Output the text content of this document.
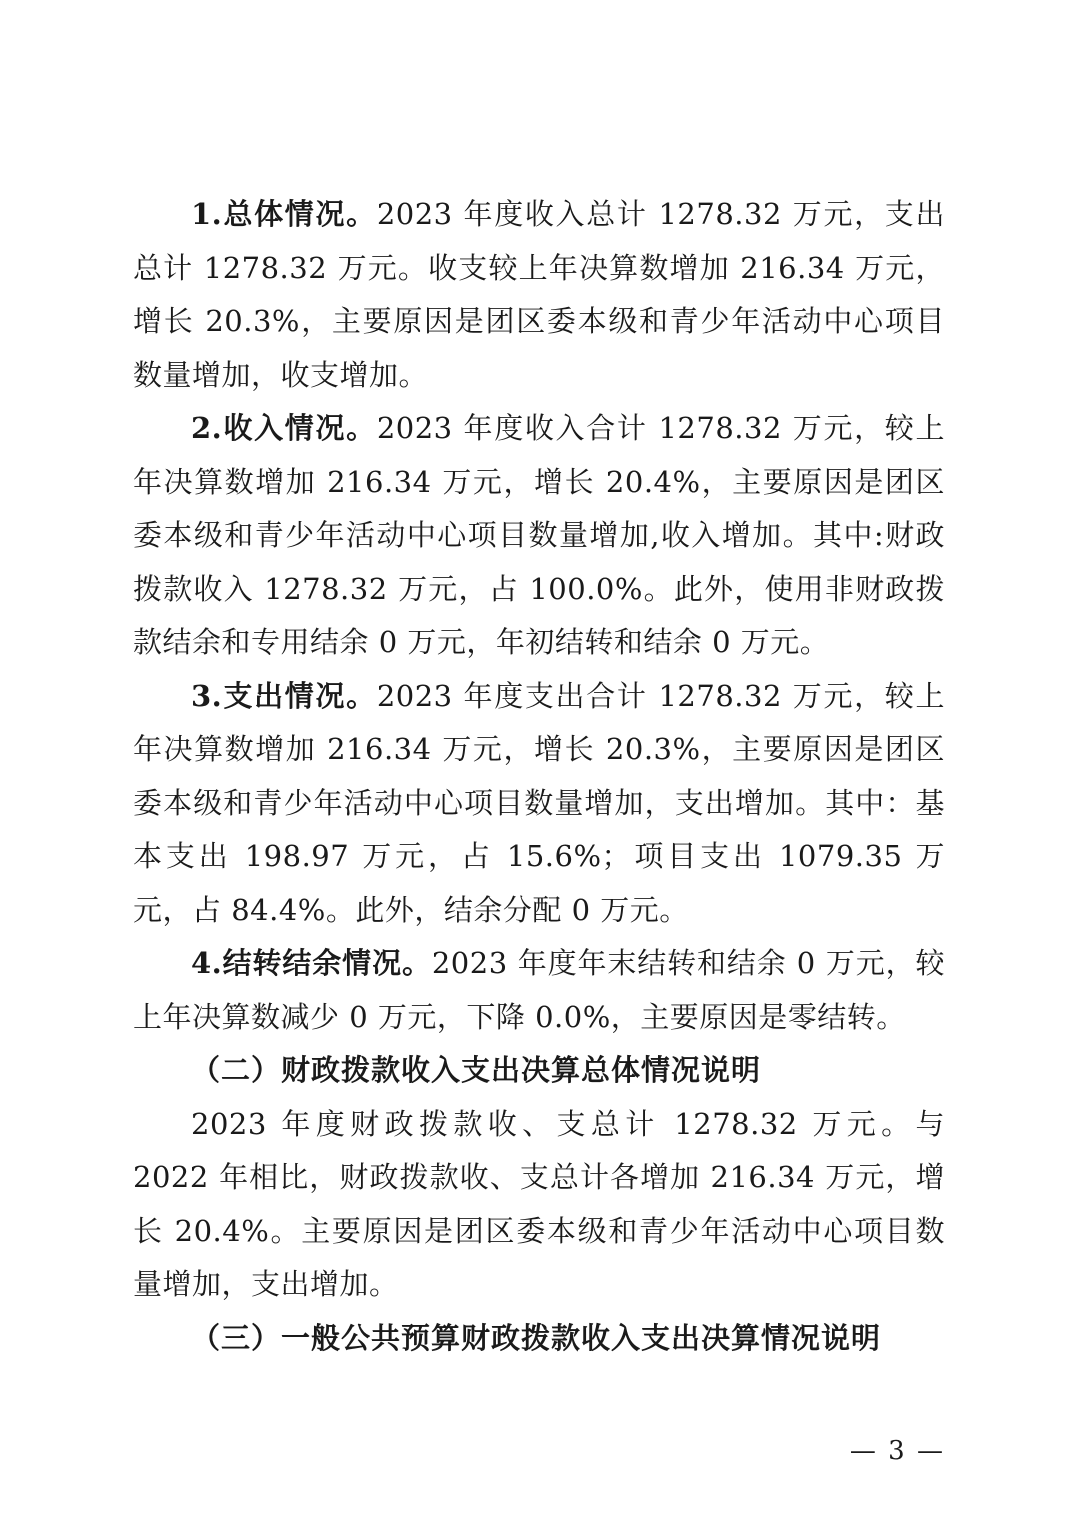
1.总体情况。2023 年度收入总计 1278.32 万元，支出总计 1278.32 万元。收支较上年决算数增加 216.34 万元，增长 20.3%，主要原因是团区委本级和青少年活动中心项目数量增加，收支增加。

2.收入情况。2023 年度收入合计 1278.32 万元，较上年决算数增加 216.34 万元，增长 20.4%，主要原因是团区委本级和青少年活动中心项目数量增加,收入增加。其中:财政拨款收入 1278.32 万元，占 100.0%。此外，使用非财政拨款结余和专用结余 0 万元，年初结转和结余 0 万元。

3.支出情况。2023 年度支出合计 1278.32 万元，较上年决算数增加 216.34 万元，增长 20.3%，主要原因是团区委本级和青少年活动中心项目数量增加，支出增加。其中：基本支出 198.97 万元，占 15.6%；项目支出 1079.35 万元，占 84.4%。此外，结余分配 0 万元。

4.结转结余情况。2023 年度年末结转和结余 0 万元，较上年决算数减少 0 万元，下降 0.0%，主要原因是零结转。

（二）财政拨款收入支出决算总体情况说明

2023 年度财政拨款收、支总计 1278.32 万元。与 2022 年相比，财政拨款收、支总计各增加 216.34 万元，增长 20.4%。主要原因是团区委本级和青少年活动中心项目数量增加，支出增加。

（三）一般公共预算财政拨款收入支出决算情况说明

— 3 —
